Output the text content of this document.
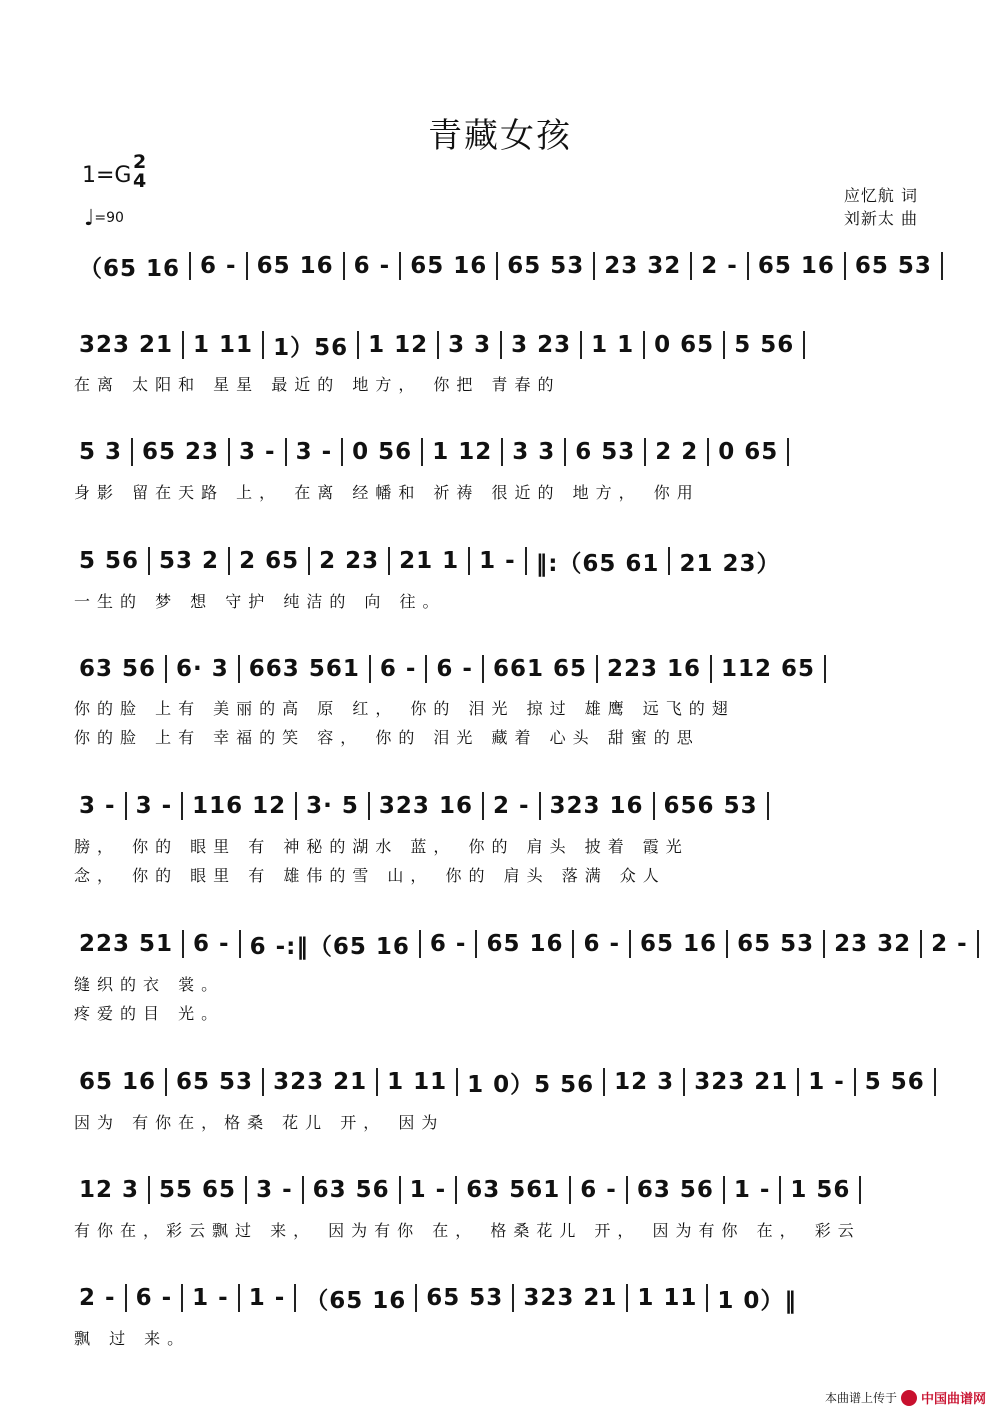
青藏女孩
1=G
2
4
♩=90
应忆航 词
刘新太 曲
（65 16 6 - 65 16 6 - 65 16 65 53 23 32 2 - 65 16 65 53
323 21 1 11 1）56 1 12 3 3 3 23 1 1 0 65 5 56
5 3 65 23 3 - 3 - 0 56 1 12 3 3 6 53 2 2 0 65
5 56 53 2 2 65 2 23 21 1 1 - ‖:（65 61 21 23）
63 56 6· 3 663 561 6 - 6 - 661 65 223 16 112 65
3 - 3 - 116 12 3· 5 323 16 2 - 323 16 656 53
223 51 6 - 6 -:‖（65 16 6 - 65 16 6 - 65 16 65 53 23 32 2 -
65 16 65 53 323 21 1 11 1 0）5 56 12 3 323 21 1 - 5 56
12 3 55 65 3 - 63 56 1 - 63 561 6 - 63 56 1 - 1 56
2 - 6 - 1 - 1 - （65 16 65 53 323 21 1 11 1 0）‖
在离 太阳和 星星 最近的 地方， 你把 青春的
身影 留在天路 上， 在离 经幡和 祈祷 很近的 地方， 你用
一生的 梦 想 守护 纯洁的 向 往。
你的脸 上有 美丽的高 原 红， 你的 泪光 掠过 雄鹰 远飞的翅
你的脸 上有 幸福的笑 容， 你的 泪光 藏着 心头 甜蜜的思
膀， 你的 眼里 有 神秘的湖水 蓝， 你的 肩头 披着 霞光
念， 你的 眼里 有 雄伟的雪 山， 你的 肩头 落满 众人
缝织的衣 裳。
疼爱的目 光。
因为 有你在，格桑 花儿 开， 因为
有你在，彩云飘过 来， 因为有你 在， 格桑花儿 开， 因为有你 在， 彩云
飘 过 来。
本曲谱上传于 中国曲谱网
